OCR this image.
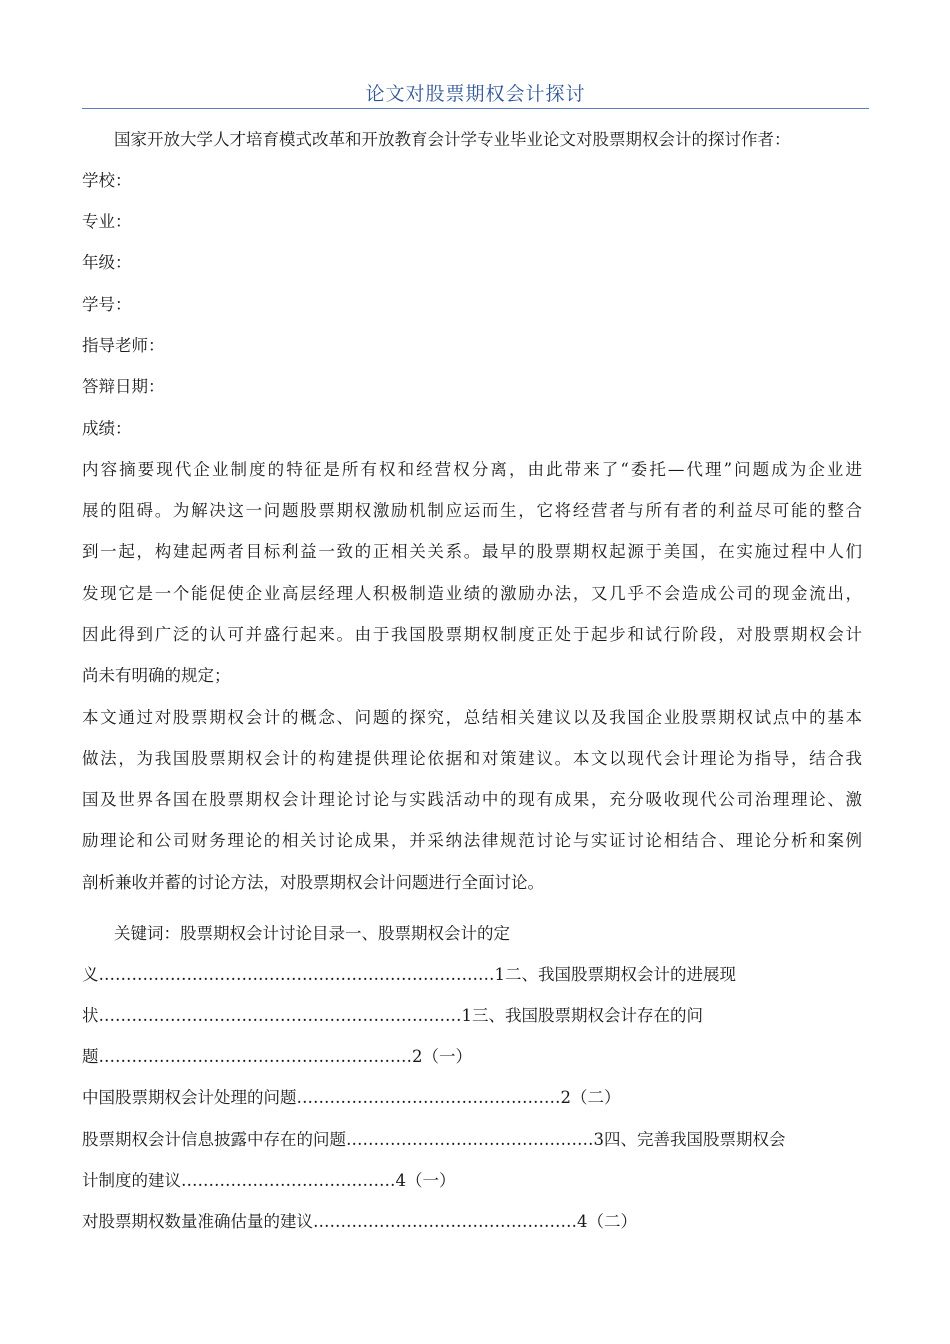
论文对股票期权会计探讨
国家开放大学人才培育模式改革和开放教育会计学专业毕业论文对股票期权会计的探讨作者：
学校：
专业：
年级：
学号：
指导老师：
答辩日期：
成绩：
内容摘要现代企业制度的特征是所有权和经营权分离，由此带来了“委托—代理”问题成为企业进
展的阻碍。为解决这一问题股票期权激励机制应运而生，它将经营者与所有者的利益尽可能的整合
到一起，构建起两者目标利益一致的正相关关系。最早的股票期权起源于美国，在实施过程中人们
发现它是一个能促使企业高层经理人积极制造业绩的激励办法，又几乎不会造成公司的现金流出，
因此得到广泛的认可并盛行起来。由于我国股票期权制度正处于起步和试行阶段，对股票期权会计
尚未有明确的规定；
本文通过对股票期权会计的概念、问题的探究，总结相关建议以及我国企业股票期权试点中的基本
做法，为我国股票期权会计的构建提供理论依据和对策建议。本文以现代会计理论为指导，结合我
国及世界各国在股票期权会计理论讨论与实践活动中的现有成果，充分吸收现代公司治理理论、激
励理论和公司财务理论的相关讨论成果，并采纳法律规范讨论与实证讨论相结合、理论分析和案例
剖析兼收并蓄的讨论方法，对股票期权会计问题进行全面讨论。
关键词：股票期权会计讨论目录一、股票期权会计的定
义………………………………………………………………1二、我国股票期权会计的进展现
状…………………………………………………………1三、我国股票期权会计存在的问
题…………………………………………………2（一）
中国股票期权会计处理的问题…………………………………………2（二）
股票期权会计信息披露中存在的问题………………………………………3四、完善我国股票期权会
计制度的建议…………………………………4（一）
对股票期权数量准确估量的建议…………………………………………4（二）
